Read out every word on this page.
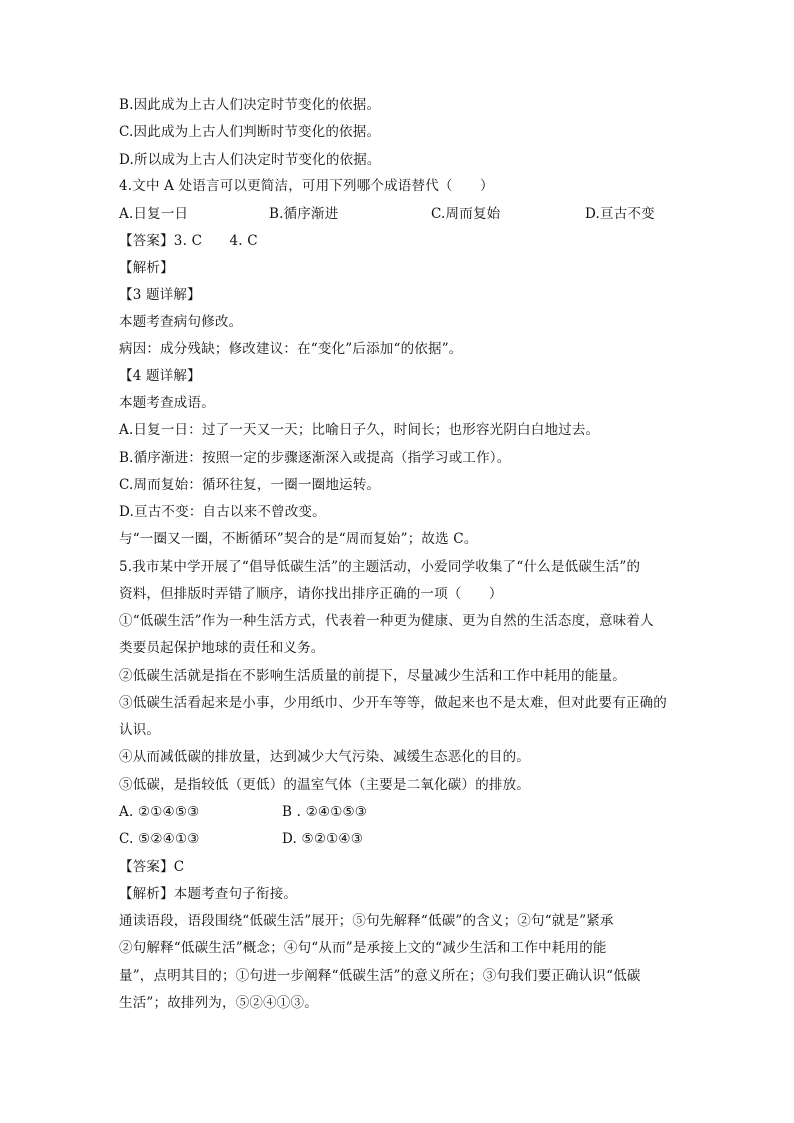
B.因此成为上古人们决定时节变化的依据。
C.因此成为上古人们判断时节变化的依据。
D.所以成为上古人们决定时节变化的依据。
4.文中 A 处语言可以更简洁，可用下列哪个成语替代（　　）
A.日复一日	B.循序渐进	C.周而复始	D.亘古不变
【答案】3. C　　4. C
【解析】
【3 题详解】
本题考查病句修改。
病因：成分残缺；修改建议：在“变化”后添加“的依据”。
【4 题详解】
本题考查成语。
A.日复一日：过了一天又一天；比喻日子久，时间长；也形容光阴白白地过去。
B.循序渐进：按照一定的步骤逐渐深入或提高（指学习或工作）。
C.周而复始：循环往复，一圈一圈地运转。
D.亘古不变：自古以来不曾改变。
与“一圈又一圈，不断循环”契合的是“周而复始”；故选 C。
5.我市某中学开展了“倡导低碳生活”的主题活动，小爱同学收集了“什么是低碳生活”的
资料，但排版时弄错了顺序，请你找出排序正确的一项（　　）
①“低碳生活”作为一种生活方式，代表着一种更为健康、更为自然的生活态度，意味着人
类要员起保护地球的责任和义务。
②低碳生活就是指在不影响生活质量的前提下，尽量减少生活和工作中耗用的能量。
③低碳生活看起来是小事，少用纸巾、少开车等等，做起来也不是太难，但对此要有正确的
认识。
④从而减低碳的排放量，达到减少大气污染、减缓生态恶化的目的。
⑤低碳，是指较低（更低）的温室气体（主要是二氧化碳）的排放。
A. ②①④⑤③	B . ②④①⑤③
C. ⑤②④①③	D. ⑤②①④③
【答案】C
【解析】本题考查句子衔接。
通读语段，语段围绕“低碳生活”展开；⑤句先解释“低碳”的含义；②句“就是”紧承
②句解释“低碳生活”概念；④句“从而”是承接上文的“减少生活和工作中耗用的能
量”，点明其目的；①句进一步阐释“低碳生活”的意义所在；③句我们要正确认识“低碳
生活”；故排列为，⑤②④①③。
